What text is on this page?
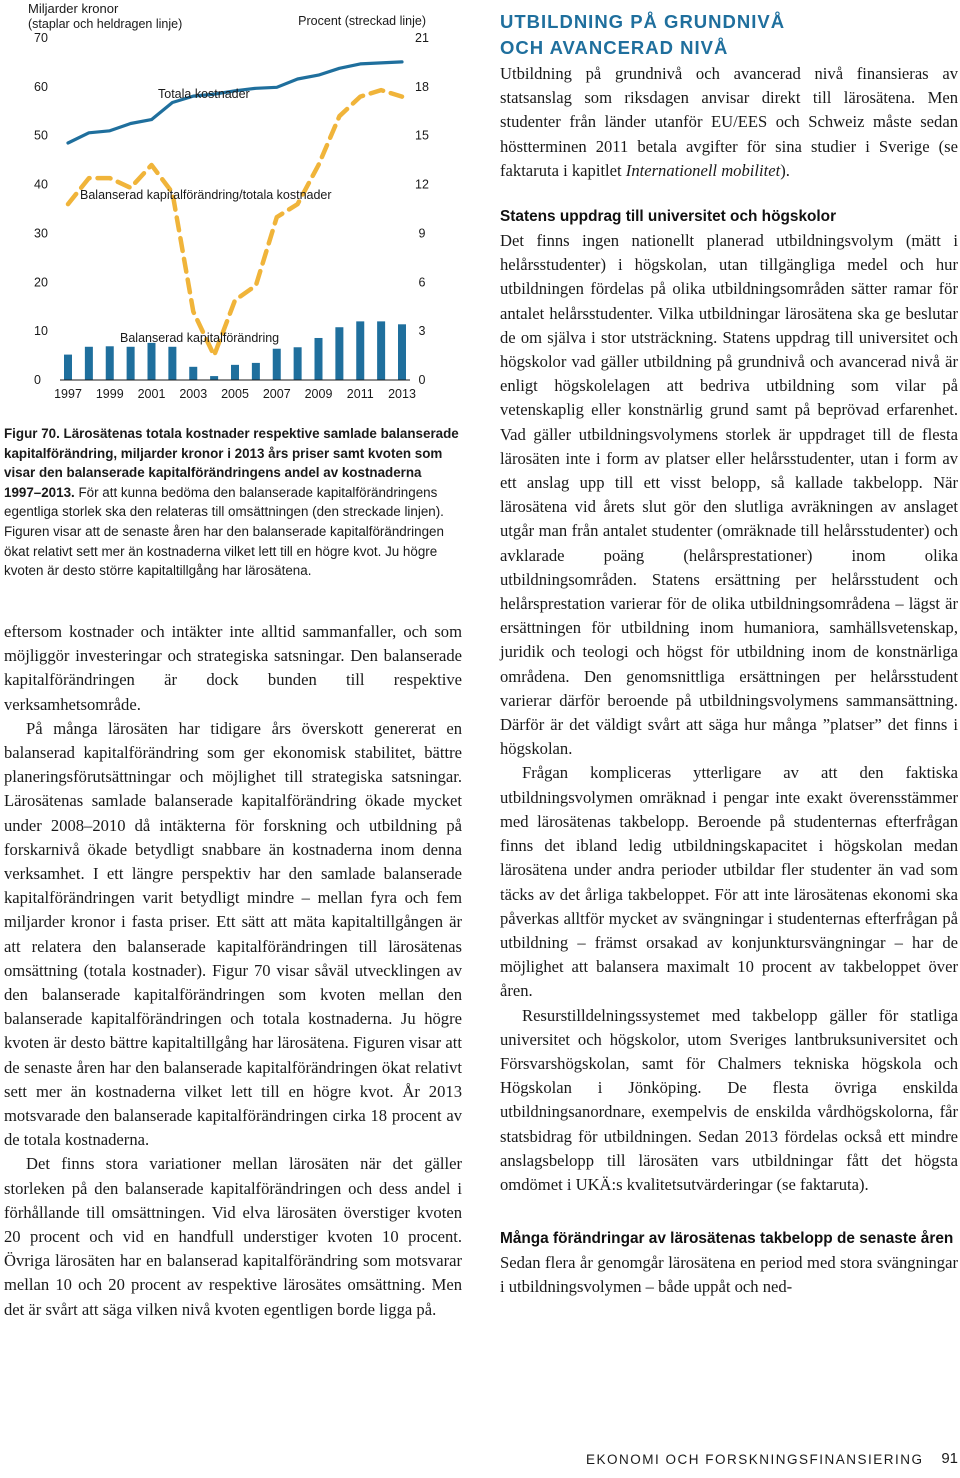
Miljarder kronor
(staplar och heldragen linje)	Procent (streckad linje)
0
10
20
30
40
50
60
70
0
3
6
9
12
15
18
21
1997 1999 2001 2003 2005 2007 2009 2011 2013
Totala kostnader
Balanserad kapitalförändring/totala kostnader
Balanserad kapitalförändring
Figur 70. Lärosätenas totala kostnader respektive samlade balanserade kapitalförändring, miljarder kronor i 2013 års priser samt kvoten som visar den balanserade kapitalförändringens andel av kostnaderna 1997–2013. För att kunna bedöma den balanserade kapitalförändringens egentliga storlek ska den relateras till omsättningen (den streckade linjen). Figuren visar att de senaste åren har den balanserade kapitalförändringen ökat relativt sett mer än kostnaderna vilket lett till en högre kvot. Ju högre kvoten är desto större kapitaltillgång har lärosätena.

eftersom kostnader och intäkter inte alltid sammanfaller, och som möjliggör investeringar och strategiska satsningar. Den balanserade kapitalförändringen är dock bunden till respektive verksamhetsområde.

På många lärosäten har tidigare års överskott genererat en balanserad kapitalförändring som ger ekonomisk stabilitet, bättre planeringsförutsättningar och möjlighet till strategiska satsningar. Lärosätenas samlade balanserade kapitalförändring ökade mycket under 2008–2010 då intäkterna för forskning och utbildning på forskarnivå ökade betydligt snabbare än kostnaderna inom denna verksamhet. I ett längre perspektiv har den samlade balanserade kapitalförändringen varit betydligt mindre – mellan fyra och fem miljarder kronor i fasta priser. Ett sätt att mäta kapitaltillgången är att relatera den balanserade kapitalförändringen till lärosätenas omsättning (totala kostnader). Figur 70 visar såväl utvecklingen av den balanserade kapitalförändringen som kvoten mellan den balanserade kapitalförändringen och totala kostnaderna. Ju högre kvoten är desto bättre kapitaltillgång har lärosätena. Figuren visar att de senaste åren har den balanserade kapitalförändringen ökat relativt sett mer än kostnaderna vilket lett till en högre kvot. År 2013 motsvarade den balanserade kapitalförändringen cirka 18 procent av de totala kostnaderna.

Det finns stora variationer mellan lärosäten när det gäller storleken på den balanserade kapitalförändringen och dess andel i förhållande till omsättningen. Vid elva lärosäten överstiger kvoten 20 procent och vid en handfull understiger kvoten 10 procent. Övriga lärosäten har en balanserad kapitalförändring som motsvarar mellan 10 och 20 procent av respektive lärosätes omsättning. Men det är svårt att säga vilken nivå kvoten egentligen borde ligga på.

UTBILDNING PÅ GRUNDNIVÅ
OCH AVANCERAD NIVÅ

Utbildning på grundnivå och avancerad nivå finansieras av statsanslag som riksdagen anvisar direkt till lärosätena. Men studenter från länder utanför EU/EES och Schweiz måste sedan höstterminen 2011 betala avgifter för sina studier i Sverige (se faktaruta i kapitlet Internationell mobilitet).

Statens uppdrag till universitet och högskolor

Det finns ingen nationellt planerad utbildningsvolym (mätt i helårsstudenter) i högskolan, utan tillgängliga medel och hur utbildningen fördelas på olika utbildningsområden sätter ramar för antalet helårsstudenter. Vilka utbildningar lärosätena ska ge beslutar de om själva i stor utsträckning. Statens uppdrag till universitet och högskolor vad gäller utbildning på grundnivå och avancerad nivå är enligt högskolelagen att bedriva utbildning som vilar på vetenskaplig eller konstnärlig grund samt på beprövad erfarenhet. Vad gäller utbildningsvolymens storlek är uppdraget till de flesta lärosäten inte i form av platser eller helårsstudenter, utan i form av ett anslag upp till ett visst belopp, så kallade takbelopp. När lärosätena vid årets slut gör den slutliga avräkningen av anslaget utgår man från antalet studenter (omräknade till helårsstudenter) och avklarade poäng (helårsprestationer) inom olika utbildningsområden. Statens ersättning per helårsstudent och helårsprestation varierar för de olika utbildningsområdena – lägst är ersättningen för utbildning inom humaniora, samhällsvetenskap, juridik och teologi och högst för utbildning inom de konstnärliga områdena. Den genomsnittliga ersättningen per helårsstudent varierar därför beroende på utbildningsvolymens sammansättning. Därför är det väldigt svårt att säga hur många ”platser” det finns i högskolan.

Frågan kompliceras ytterligare av att den faktiska utbildningsvolymen omräknad i pengar inte exakt överensstämmer med lärosätenas takbelopp. Beroende på studenternas efterfrågan finns det ibland ledig utbildningskapacitet i högskolan medan lärosätena under andra perioder utbildar fler studenter än vad som täcks av det årliga takbeloppet. För att inte lärosätenas ekonomi ska påverkas alltför mycket av svängningar i studenternas efterfrågan på utbildning – främst orsakad av konjunktursvängningar – har de möjlighet att balansera maximalt 10 procent av takbeloppet över åren.

Resurstilldelningssystemet med takbelopp gäller för statliga universitet och högskolor, utom Sveriges lantbruksuniversitet och Försvarshögskolan, samt för Chalmers tekniska högskola och Högskolan i Jönköping. De flesta övriga enskilda utbildningsanordnare, exempelvis de enskilda vårdhögskolorna, får statsbidrag för utbildningen. Sedan 2013 fördelas också ett mindre anslagsbelopp till lärosäten vars utbildningar fått det högsta omdömet i UKÄ:s kvalitetsutvärderingar (se faktaruta).

Många förändringar av lärosätenas takbelopp de senaste åren

Sedan flera år genomgår lärosätena en period med stora svängningar i utbildningsvolymen – både uppåt och ned-

EKONOMI OCH FORSKNINGSFINANSIERING 91
